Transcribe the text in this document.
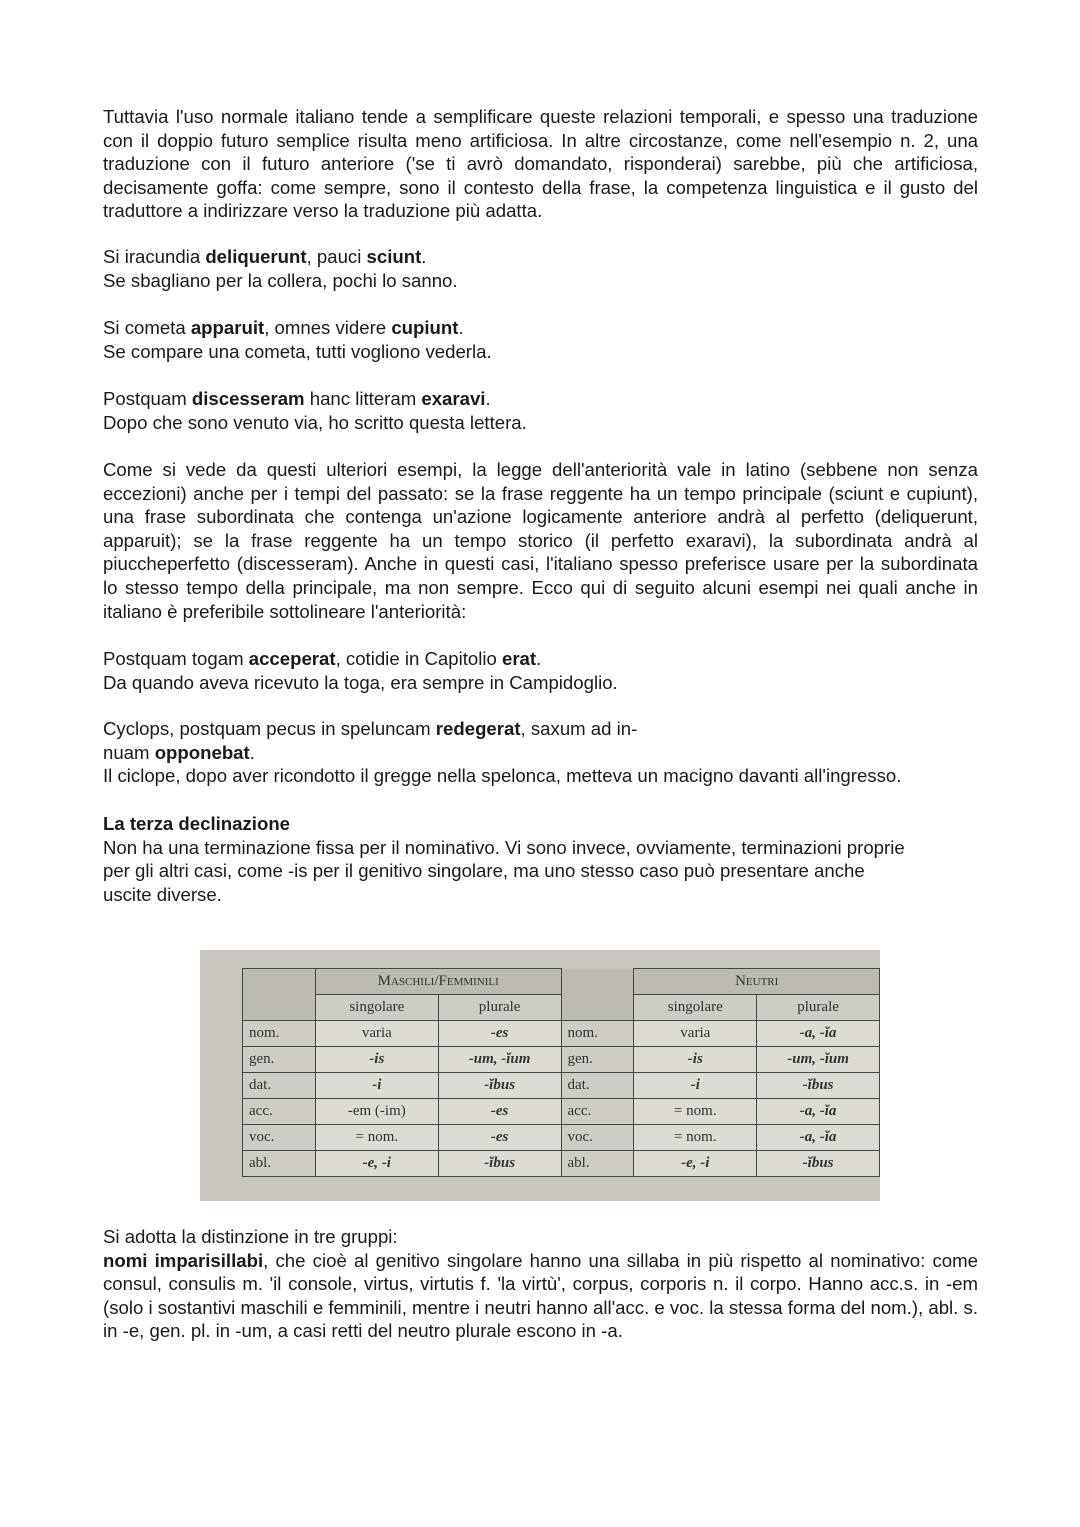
Tuttavia l'uso normale italiano tende a semplificare queste relazioni temporali, e spesso una traduzione con il doppio futuro semplice risulta meno artificiosa. In altre circostanze, come nell'esempio n. 2, una traduzione con il futuro anteriore ('se ti avrò domandato, risponderai) sarebbe, più che artificiosa, decisamente goffa: come sempre, sono il contesto della frase, la competenza linguistica e il gusto del traduttore a indirizzare verso la traduzione più adatta.

Si iracundia deliquerunt, pauci sciunt.
Se sbagliano per la collera, pochi lo sanno.
Si cometa apparuit, omnes videre cupiunt.
Se compare una cometa, tutti vogliono vederla.
Postquam discesseram hanc litteram exaravi.
Dopo che sono venuto via, ho scritto questa lettera.

Come si vede da questi ulteriori esempi, la legge dell'anteriorità vale in latino (sebbene non senza eccezioni) anche per i tempi del passato: se la frase reggente ha un tempo principale (sciunt e cupiunt), una frase subordinata che contenga un'azione logicamente anteriore andrà al perfetto (deliquerunt, apparuit); se la frase reggente ha un tempo storico (il perfetto exaravi), la subordinata andrà al piuccheperfetto (discesseram). Anche in questi casi, l'italiano spesso preferisce usare per la subordinata lo stesso tempo della principale, ma non sempre. Ecco qui di seguito alcuni esempi nei quali anche in italiano è preferibile sottolineare l'anteriorità:

Postquam togam acceperat, cotidie in Capitolio erat.
Da quando aveva ricevuto la toga, era sempre in Campidoglio.
Cyclops, postquam pecus in speluncam redegerat, saxum ad in-
nuam opponebat.
Il ciclope, dopo aver ricondotto il gregge nella spelonca, metteva un macigno davanti all'ingresso.
La terza declinazione
Non ha una terminazione fissa per il nominativo. Vi sono invece, ovviamente, terminazioni proprie
per gli altri casi, come -is per il genitivo singolare, ma uno stesso caso può presentare anche
uscite diverse.
	Maschili/Femminili			Neutri	
	singolare	plurale		singolare	plurale
nom.	varia	-es	nom.	varia	-a, -ĭa
gen.	-is	-um, -ĭum	gen.	-is	-um, -ĭum
dat.	-i	-ĭbus	dat.	-i	-ĭbus
acc.	-em (-im)	-es	acc.	= nom.	-a, -ĭa
voc.	= nom.	-es	voc.	= nom.	-a, -ĭa
abl.	-e, -i	-ĭbus	abl.	-e, -i	-ĭbus
Si adotta la distinzione in tre gruppi:
nomi imparisillabi, che cioè al genitivo singolare hanno una sillaba in più rispetto al nominativo: come consul, consulis m. 'il console, virtus, virtutis f. 'la virtù', corpus, corporis n. il corpo. Hanno acc.s. in -em (solo i sostantivi maschili e femminili, mentre i neutri hanno all'acc. e voc. la stessa forma del nom.), abl. s. in -e, gen. pl. in -um, a casi retti del neutro plurale escono in -a.
